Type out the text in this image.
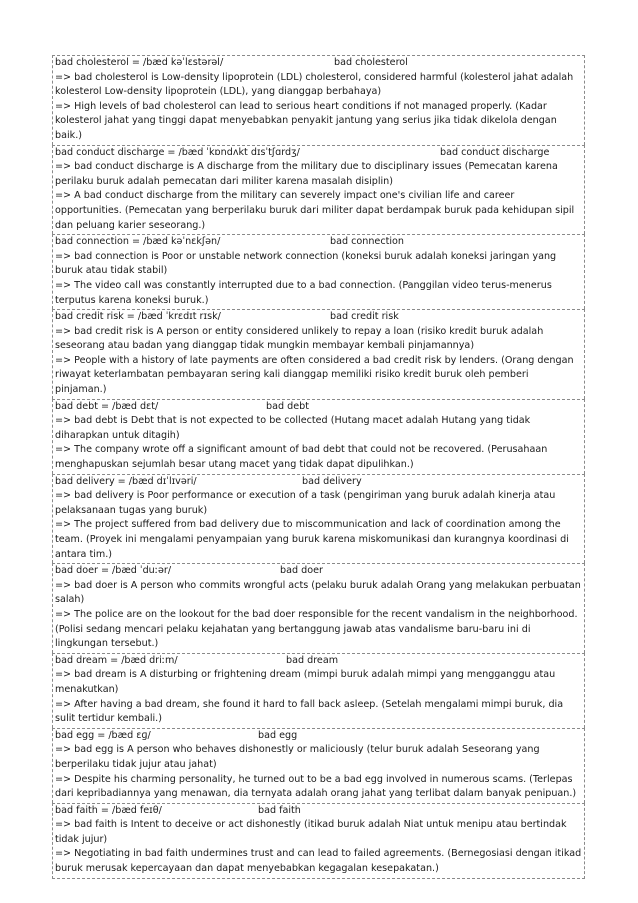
bad cholesterol = /bæd kəˈlɛstərəl/	bad cholesterol

=> bad cholesterol is Low-density lipoprotein (LDL) cholesterol, considered harmful (kolesterol jahat adalah kolesterol Low-density lipoprotein (LDL), yang dianggap berbahaya)

=> High levels of bad cholesterol can lead to serious heart conditions if not managed properly. (Kadar kolesterol jahat yang tinggi dapat menyebabkan penyakit jantung yang serius jika tidak dikelola dengan baik.)

bad conduct discharge = /bæd ˈkɒndʌkt dɪsˈtʃɑrdʒ/	bad conduct discharge

=> bad conduct discharge is A discharge from the military due to disciplinary issues (Pemecatan karena perilaku buruk adalah pemecatan dari militer karena masalah disiplin)

=> A bad conduct discharge from the military can severely impact one's civilian life and career opportunities. (Pemecatan yang berperilaku buruk dari militer dapat berdampak buruk pada kehidupan sipil dan peluang karier seseorang.)

bad connection = /bæd kəˈnɛkʃən/	bad connection

=> bad connection is Poor or unstable network connection (koneksi buruk adalah koneksi jaringan yang buruk atau tidak stabil)

=> The video call was constantly interrupted due to a bad connection. (Panggilan video terus-menerus terputus karena koneksi buruk.)

bad credit risk = /bæd ˈkrɛdɪt rɪsk/	bad credit risk

=> bad credit risk is A person or entity considered unlikely to repay a loan (risiko kredit buruk adalah seseorang atau badan yang dianggap tidak mungkin membayar kembali pinjamannya)

=> People with a history of late payments are often considered a bad credit risk by lenders. (Orang dengan riwayat keterlambatan pembayaran sering kali dianggap memiliki risiko kredit buruk oleh pemberi pinjaman.)

bad debt = /bæd dɛt/	bad debt

=> bad debt is Debt that is not expected to be collected (Hutang macet adalah Hutang yang tidak diharapkan untuk ditagih)

=> The company wrote off a significant amount of bad debt that could not be recovered. (Perusahaan menghapuskan sejumlah besar utang macet yang tidak dapat dipulihkan.)

bad delivery = /bæd dɪˈlɪvəri/	bad delivery

=> bad delivery is Poor performance or execution of a task (pengiriman yang buruk adalah kinerja atau pelaksanaan tugas yang buruk)

=> The project suffered from bad delivery due to miscommunication and lack of coordination among the team. (Proyek ini mengalami penyampaian yang buruk karena miskomunikasi dan kurangnya koordinasi di antara tim.)

bad doer = /bæd ˈduːər/	bad doer

=> bad doer is A person who commits wrongful acts (pelaku buruk adalah Orang yang melakukan perbuatan salah)

=> The police are on the lookout for the bad doer responsible for the recent vandalism in the neighborhood. (Polisi sedang mencari pelaku kejahatan yang bertanggung jawab atas vandalisme baru-baru ini di lingkungan tersebut.)

bad dream = /bæd driːm/	bad dream

=> bad dream is A disturbing or frightening dream (mimpi buruk adalah mimpi yang mengganggu atau menakutkan)

=> After having a bad dream, she found it hard to fall back asleep. (Setelah mengalami mimpi buruk, dia sulit tertidur kembali.)

bad egg = /bæd ɛɡ/	bad egg

=> bad egg is A person who behaves dishonestly or maliciously (telur buruk adalah Seseorang yang berperilaku tidak jujur atau jahat)

=> Despite his charming personality, he turned out to be a bad egg involved in numerous scams. (Terlepas dari kepribadiannya yang menawan, dia ternyata adalah orang jahat yang terlibat dalam banyak penipuan.)

bad faith = /bæd feɪθ/	bad faith

=> bad faith is Intent to deceive or act dishonestly (itikad buruk adalah Niat untuk menipu atau bertindak tidak jujur)

=> Negotiating in bad faith undermines trust and can lead to failed agreements. (Bernegosiasi dengan itikad buruk merusak kepercayaan dan dapat menyebabkan kegagalan kesepakatan.)
